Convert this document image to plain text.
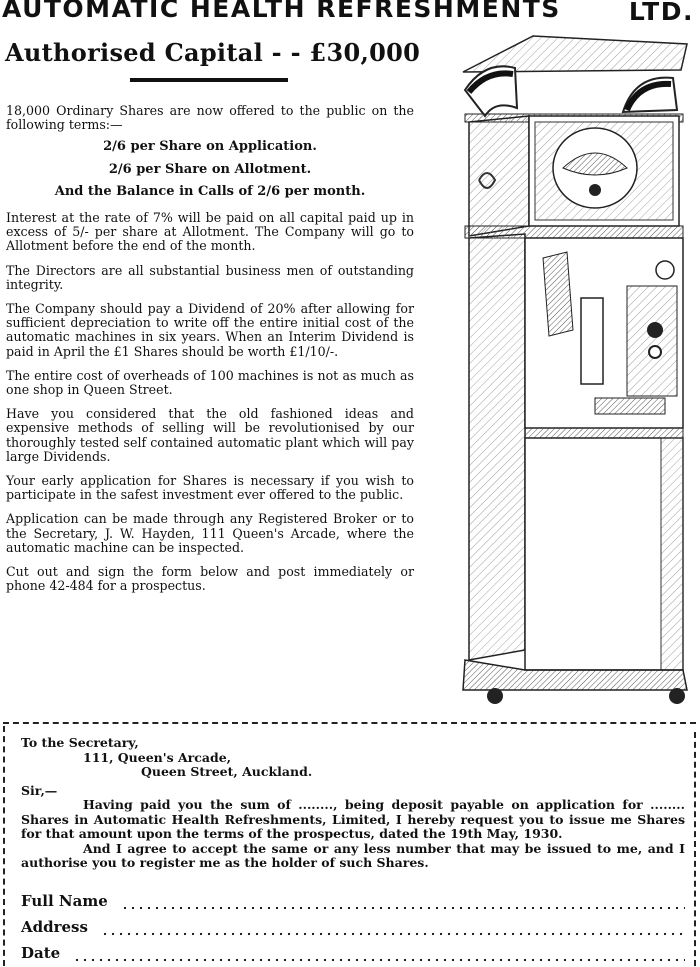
AUTOMATIC HEALTH REFRESHMENTS	LTD.
Authorised Capital - - £30,000

18,000 Ordinary Shares are now offered to the public on the following terms:—

2/6 per Share on Application.

2/6 per Share on Allotment.

And the Balance in Calls of 2/6 per month.

Interest at the rate of 7% will be paid on all capital paid up in excess of 5/- per share at Allotment. The Company will go to Allotment before the end of the month.

The Directors are all substantial business men of outstanding integrity.

The Company should pay a Dividend of 20% after allowing for sufficient depreciation to write off the entire initial cost of the automatic machines in six years. When an Interim Dividend is paid in April the £1 Shares should be worth £1/10/-.

The entire cost of overheads of 100 machines is not as much as one shop in Queen Street.

Have you considered that the old fashioned ideas and expensive methods of selling will be revolutionised by our thoroughly tested self contained automatic plant which will pay large Dividends.

Your early application for Shares is necessary if you wish to participate in the safest investment ever offered to the public.

Application can be made through any Registered Broker or to the Secretary, J. W. Hayden, 111 Queen's Arcade, where the automatic machine can be inspected.

Cut out and sign the form below and post immediately or phone 42-484 for a prospectus.

To the Secretary,
111, Queen's Arcade,
Queen Street, Auckland.
Sir,—

Having paid you the sum of ........, being deposit payable on application for ........ Shares in Automatic Health Refreshments, Limited, I hereby request you to issue me Shares for that amount upon the terms of the prospectus, dated the 19th May, 1930.

And I agree to accept the same or any less number that may be issued to me, and I authorise you to register me as the holder of such Shares.

Full Name
Address
Date
